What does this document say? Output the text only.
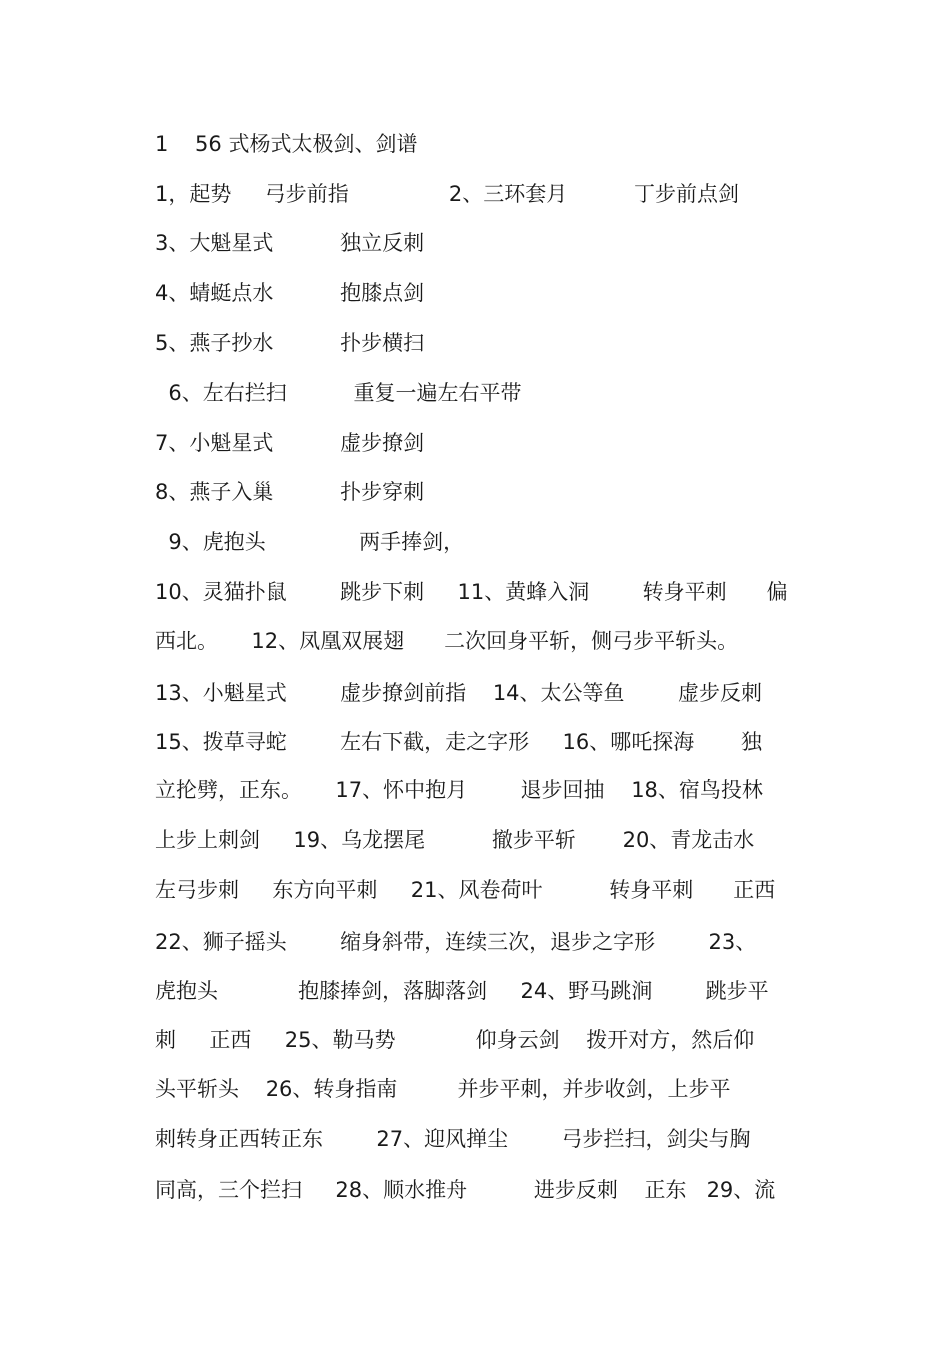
1    56 式杨式太极剑、剑谱
1，起势     弓步前指               2、三环套月          丁步前点剑
3、大魁星式          独立反刺
4、蜻蜓点水          抱膝点剑
5、燕子抄水          扑步横扫
6、左右拦扫          重复一遍左右平带
7、小魁星式          虚步撩剑
8、燕子入巢          扑步穿刺
9、虎抱头              两手捧剑，
10、灵猫扑鼠        跳步下刺     11、黄蜂入洞        转身平刺      偏
西北。     12、凤凰双展翅      二次回身平斩，侧弓步平斩头。
13、小魁星式        虚步撩剑前指    14、太公等鱼        虚步反刺
15、拨草寻蛇        左右下截，走之字形     16、哪吒探海       独
立抡劈，正东。     17、怀中抱月        退步回抽    18、宿鸟投林
上步上刺剑     19、乌龙摆尾          撤步平斩       20、青龙击水
左弓步刺     东方向平刺     21、风卷荷叶          转身平刺      正西
22、狮子摇头        缩身斜带，连续三次，退步之字形        23、
虎抱头            抱膝捧剑，落脚落剑     24、野马跳涧        跳步平
刺     正西     25、勒马势            仰身云剑    拨开对方，然后仰
头平斩头    26、转身指南         并步平刺，并步收剑，上步平
刺转身正西转正东        27、迎风掸尘        弓步拦扫，剑尖与胸
同高，三个拦扫     28、顺水推舟          进步反刺    正东   29、流
